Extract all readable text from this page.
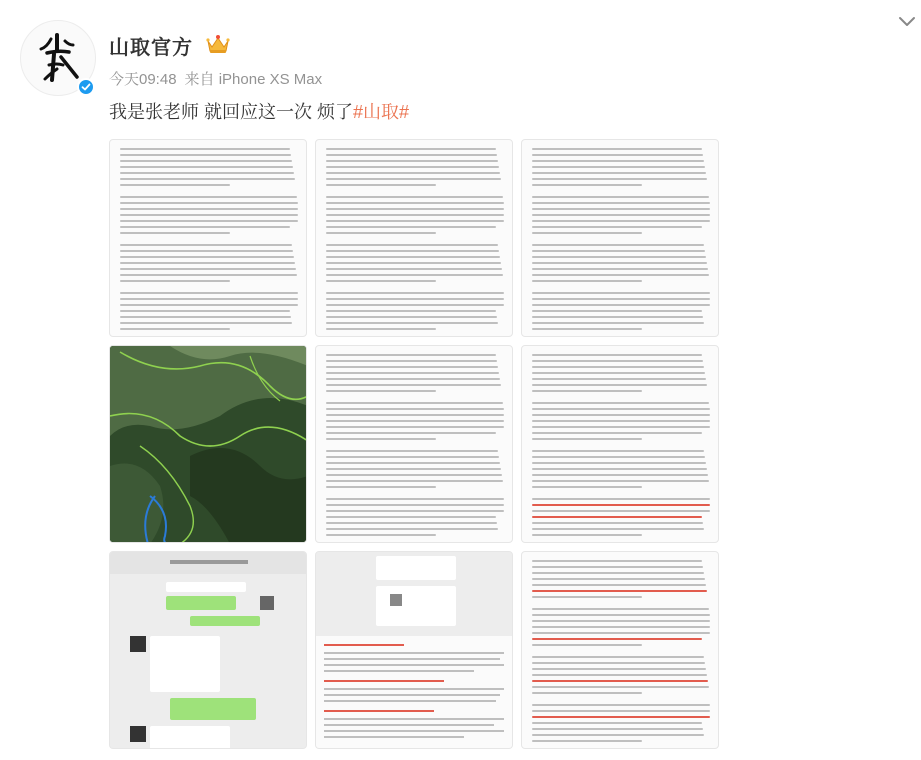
山取官方
今天09:48 来自 iPhone XS Max
我是张老师 就回应这一次 烦了#山取#
